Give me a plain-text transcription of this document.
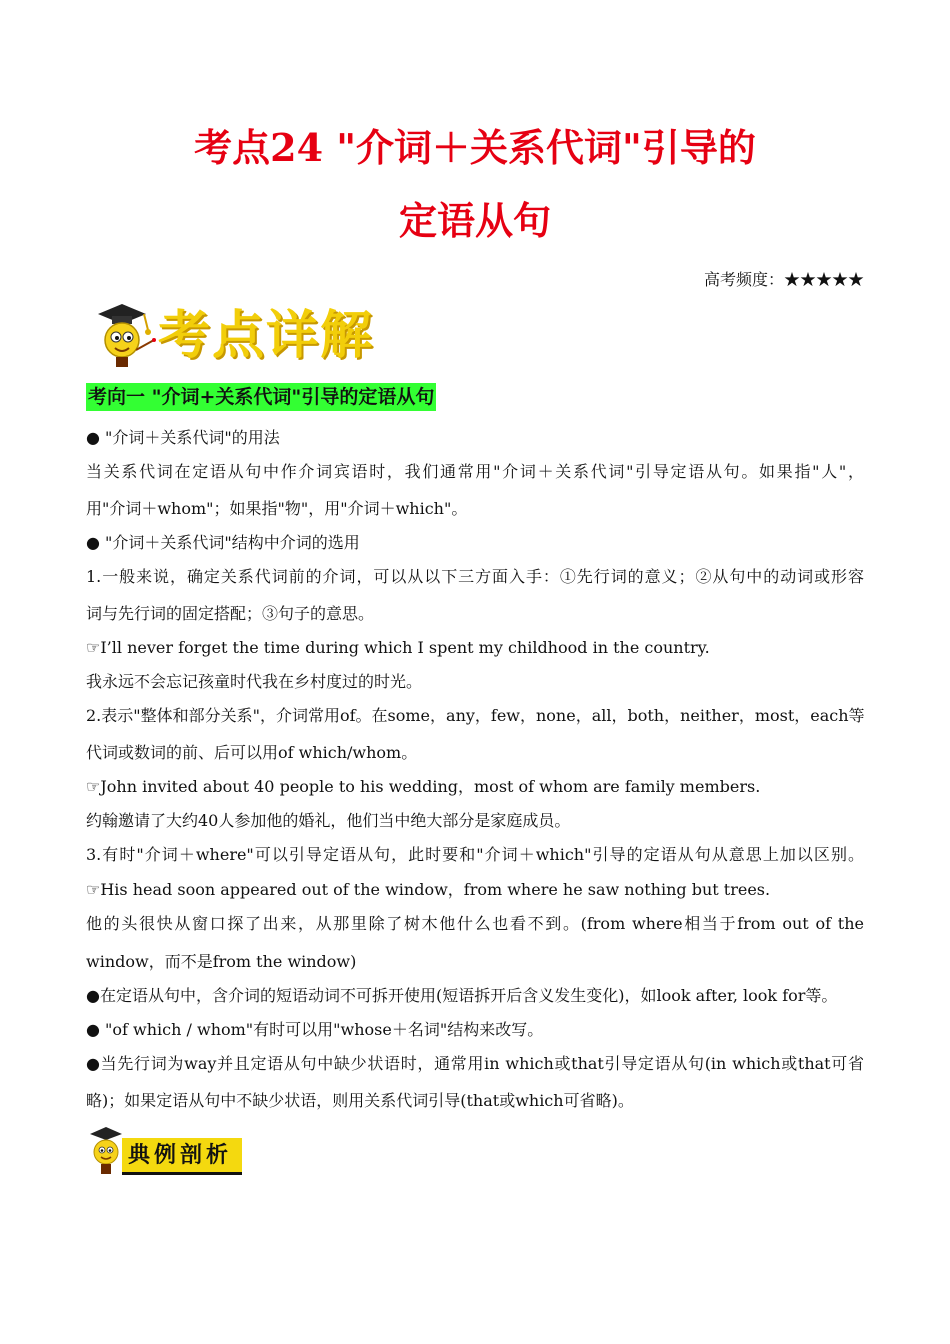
考点24 "介词＋关系代词"引导的
定语从句
高考频度：★★★★★
考点详解
考向一 "介词+关系代词"引导的定语从句
● "介词＋关系代词"的用法
当关系代词在定语从句中作介词宾语时，我们通常用"介词＋关系代词"引导定语从句。如果指"人"，
用"介词＋whom"；如果指"物"，用"介词＋which"。
● "介词＋关系代词"结构中介词的选用
1.一般来说，确定关系代词前的介词，可以从以下三方面入手：①先行词的意义；②从句中的动词或形容
词与先行词的固定搭配；③句子的意思。
☞I’ll never forget the time during which I spent my childhood in the country.
我永远不会忘记孩童时代我在乡村度过的时光。
2.表示"整体和部分关系"，介词常用of。在some，any，few，none，all，both，neither，most，each等
代词或数词的前、后可以用of which/whom。
☞John invited about 40 people to his wedding，most of whom are family members.
约翰邀请了大约40人参加他的婚礼，他们当中绝大部分是家庭成员。
3.有时"介词＋where"可以引导定语从句，此时要和"介词＋which"引导的定语从句从意思上加以区别。
☞His head soon appeared out of the window，from where he saw nothing but trees.
他的头很快从窗口探了出来，从那里除了树木他什么也看不到。(from where相当于from out of the
window，而不是from the window)
●在定语从句中，含介词的短语动词不可拆开使用(短语拆开后含义发生变化)，如look after, look for等。
● "of which / whom"有时可以用"whose＋名词"结构来改写。
●当先行词为way并且定语从句中缺少状语时，通常用in which或that引导定语从句(in which或that可省
略)；如果定语从句中不缺少状语，则用关系代词引导(that或which可省略)。
典例剖析
